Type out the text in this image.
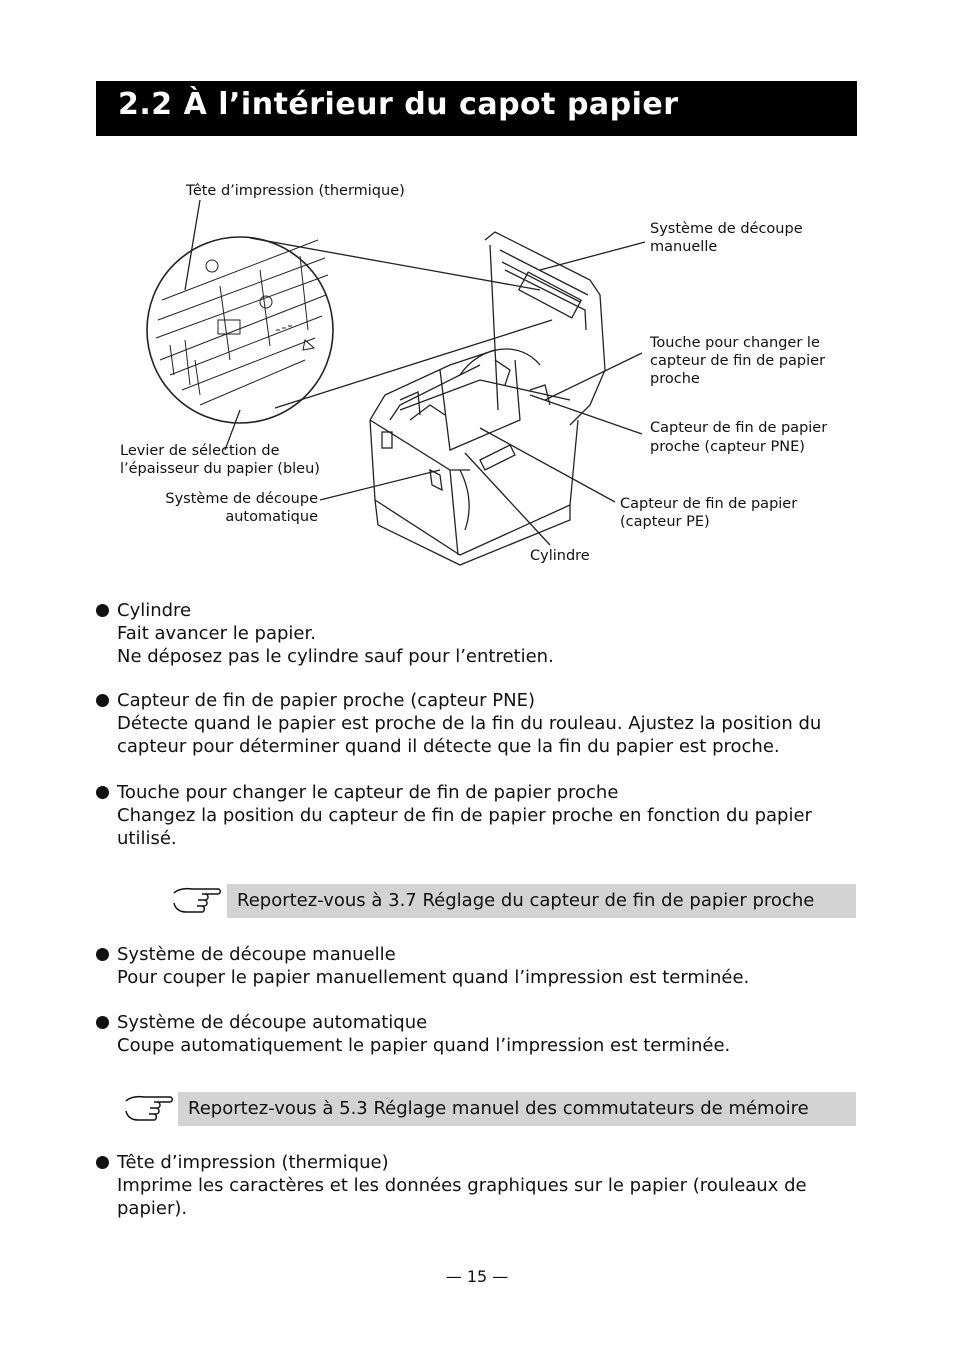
2.2 À l’intérieur du capot papier
Tête d’impression (thermique)
Système de découpe
manuelle
Touche pour changer le
capteur de fin de papier
proche
Capteur de fin de papier
proche (capteur PNE)
Levier de sélection de
l’épaisseur du papier (bleu)
Système de découpe
automatique
Capteur de fin de papier
(capteur PE)
Cylindre
Cylindre
Fait avancer le papier.
Ne déposez pas le cylindre sauf pour l’entretien.
Capteur de fin de papier proche (capteur PNE)
Détecte quand le papier est proche de la fin du rouleau. Ajustez la position du
capteur pour déterminer quand il détecte que la fin du papier est proche.
Touche pour changer le capteur de fin de papier proche
Changez la position du capteur de fin de papier proche en fonction du papier
utilisé.
Reportez-vous à 3.7 Réglage du capteur de fin de papier proche
Système de découpe manuelle
Pour couper le papier manuellement quand l’impression est terminée.
Système de découpe automatique
Coupe automatiquement le papier quand l’impression est terminée.
Reportez-vous à 5.3 Réglage manuel des commutateurs de mémoire
Tête d’impression (thermique)
Imprime les caractères et les données graphiques sur le papier (rouleaux de
papier).
— 15 —
